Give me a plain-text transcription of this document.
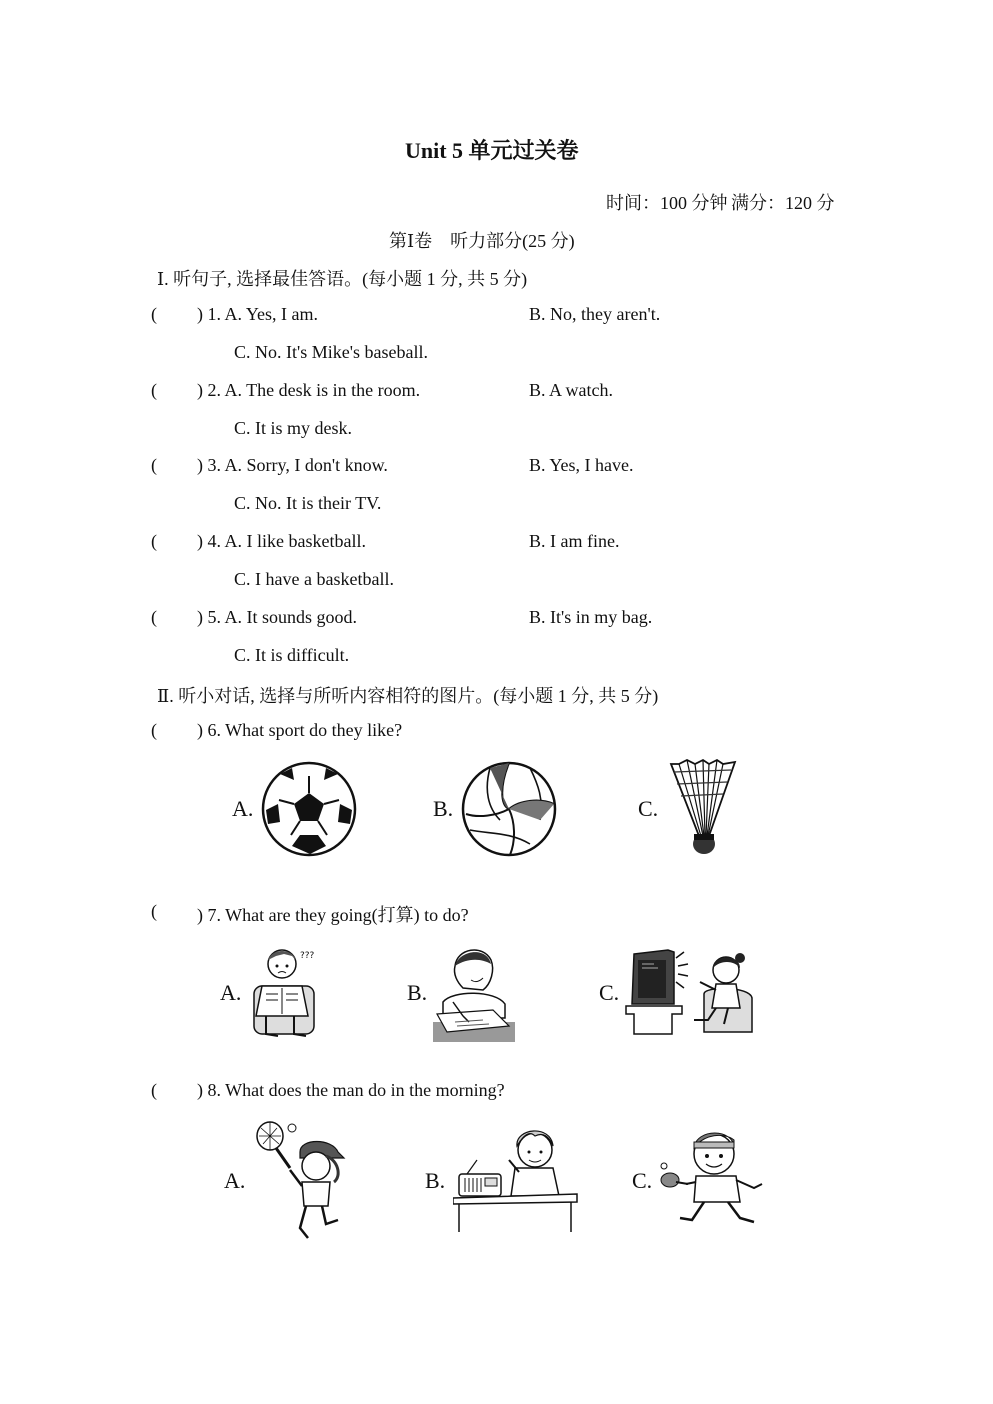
Unit 5 单元过关卷
时间：100 分钟 满分：120 分
第Ⅰ卷　听力部分(25 分)
Ⅰ. 听句子, 选择最佳答语。(每小题 1 分, 共 5 分)
( ) 1. A. Yes, I am.	B. No, they aren't.
C. No. It's Mike's baseball.
( ) 2. A. The desk is in the room.	B. A watch.
C. It is my desk.
( ) 3. A. Sorry, I don't know.	B. Yes, I have.
C. No. It is their TV.
( ) 4. A. I like basketball.	B. I am fine.
C. I have a basketball.
( ) 5. A. It sounds good.	B. It's in my bag.
C. It is difficult.
Ⅱ. 听小对话, 选择与所听内容相符的图片。(每小题 1 分, 共 5 分)
( ) 6. What sport do they like?
A.	B.	C.
( ) 7. What are they going(打算) to do?
A.
???
B.	C.
( ) 8. What does the man do in the morning?
A.	B.	C.
